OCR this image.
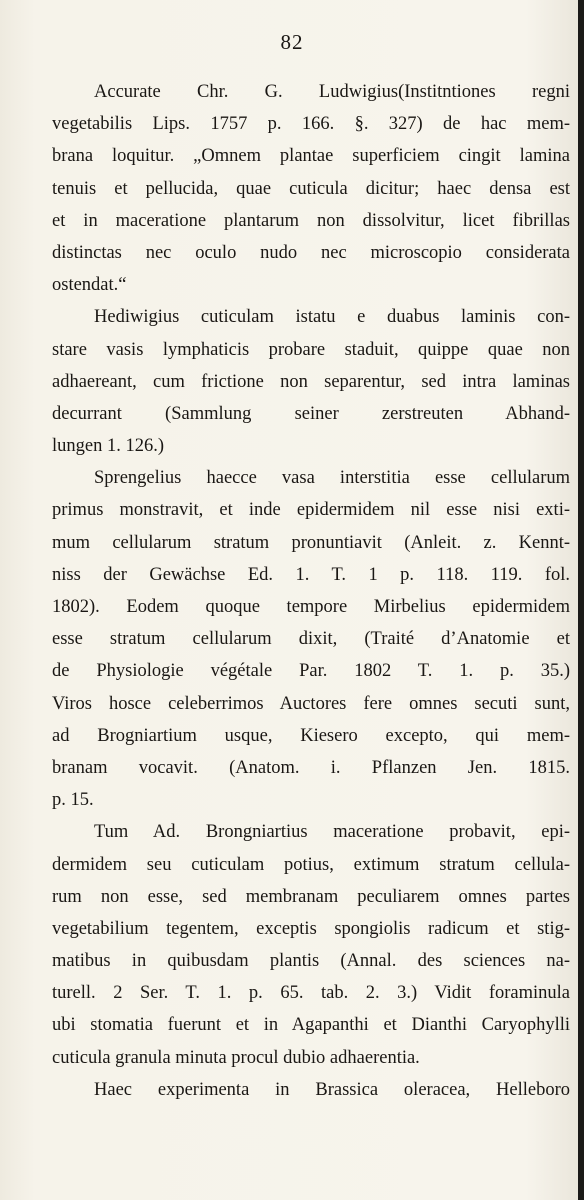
82
Accurate Chr. G. Ludwigius(Institntiones regni
vegetabilis Lips. 1757 p. 166. §. 327) de hac mem-
brana loquitur. „Omnem plantae superficiem cingit lamina
tenuis et pellucida, quae cuticula dicitur; haec densa est
et in maceratione plantarum non dissolvitur, licet fibrillas
distinctas nec oculo nudo nec microscopio considerata
ostendat.“
Hediwigius cuticulam istatu e duabus laminis con-
stare vasis lymphaticis probare staduit, quippe quae non
adhaereant, cum frictione non separentur, sed intra laminas
decurrant (Sammlung seiner zerstreuten Abhand-
lungen 1. 126.)
Sprengelius haecce vasa interstitia esse cellularum
primus monstravit, et inde epidermidem nil esse nisi exti-
mum cellularum stratum pronuntiavit (Anleit. z. Kennt-
niss der Gewächse Ed. 1. T. 1 p. 118. 119. fol.
1802). Eodem quoque tempore Mirbelius epidermidem
esse stratum cellularum dixit, (Traité d’Anatomie et
de Physiologie végétale Par. 1802 T. 1. p. 35.)
Viros hosce celeberrimos Auctores fere omnes secuti sunt,
ad Brogniartium usque, Kiesero excepto, qui mem-
branam vocavit. (Anatom. i. Pflanzen Jen. 1815.
p. 15.
Tum Ad. Brongniartius maceratione probavit, epi-
dermidem seu cuticulam potius, extimum stratum cellula-
rum non esse, sed membranam peculiarem omnes partes
vegetabilium tegentem, exceptis spongiolis radicum et stig-
matibus in quibusdam plantis (Annal. des sciences na-
turell. 2 Ser. T. 1. p. 65. tab. 2. 3.) Vidit foraminula
ubi stomatia fuerunt et in Agapanthi et Dianthi Caryophylli
cuticula granula minuta procul dubio adhaerentia.
Haec experimenta in Brassica oleracea, Helleboro
